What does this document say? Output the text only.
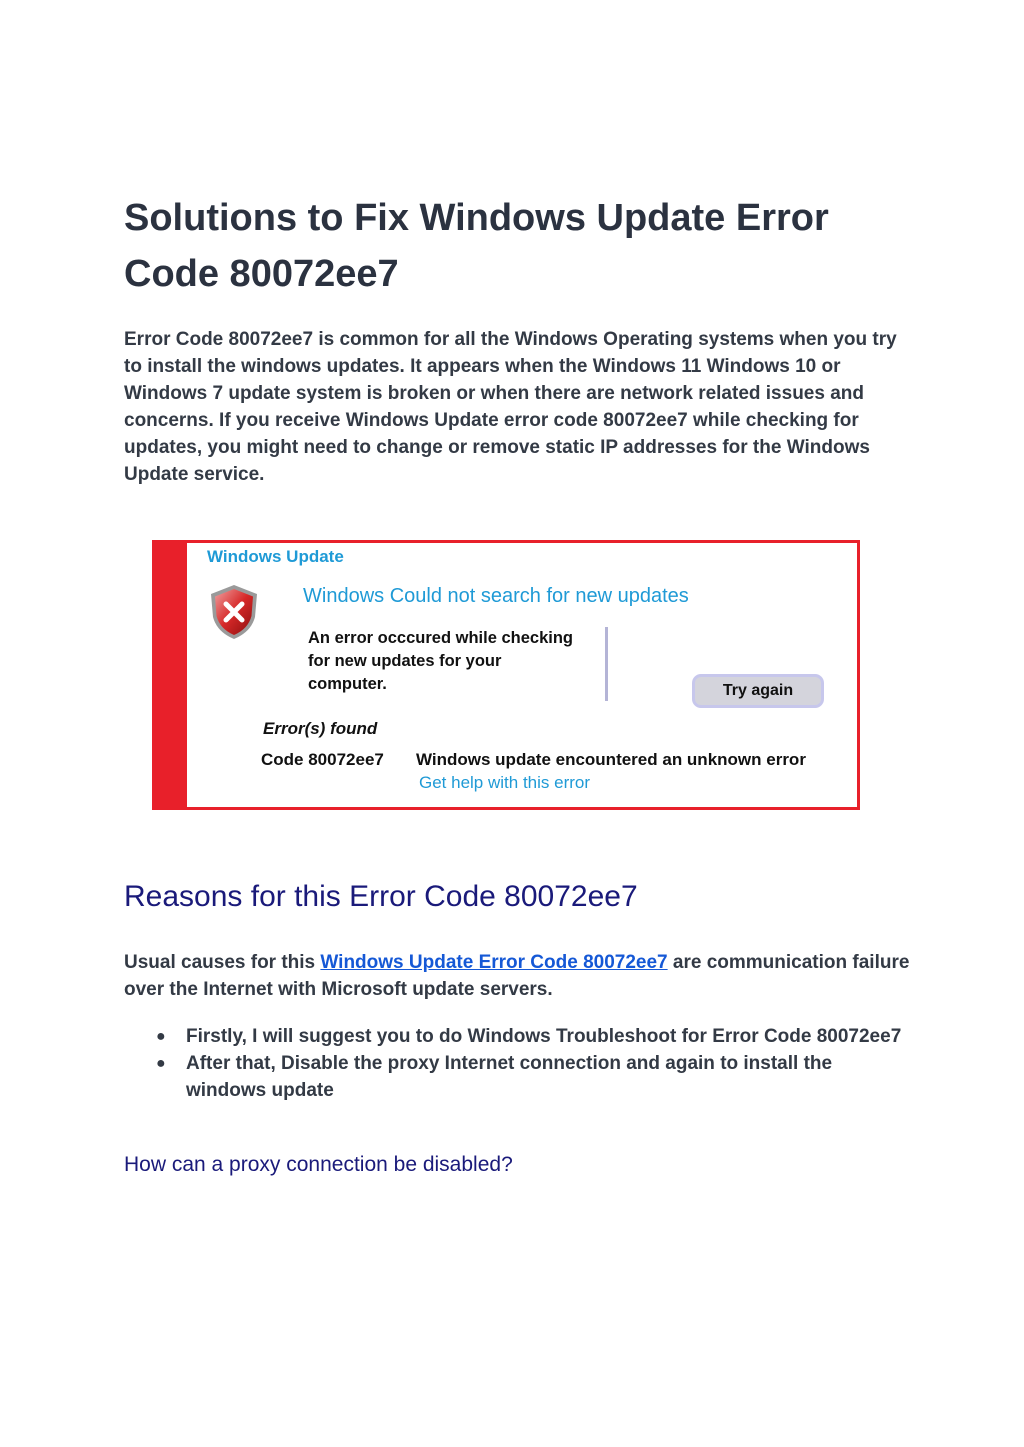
Solutions to Fix Windows Update Error Code 80072ee7

Error Code 80072ee7 is common for all the Windows Operating systems when you try to install the windows updates. It appears when the Windows 11 Windows 10 or Windows 7 update system is broken or when there are network related issues and concerns. If you receive Windows Update error code 80072ee7 while checking for updates, you might need to change or remove static IP addresses for the Windows Update service.

Windows Update
Windows Could not search for new updates
An error occcured while checking
for new updates for your
computer.	Try again
Error(s) found
Code 80072ee7 Windows update encountered an unknown error
Get help with this error
Reasons for this Error Code 80072ee7

Usual causes for this Windows Update Error Code 80072ee7 are communication failure over the Internet with Microsoft update servers.

● Firstly, I will suggest you to do Windows Troubleshoot for Error Code 80072ee7
● After that, Disable the proxy Internet connection and again to install the windows update
How can a proxy connection be disabled?
